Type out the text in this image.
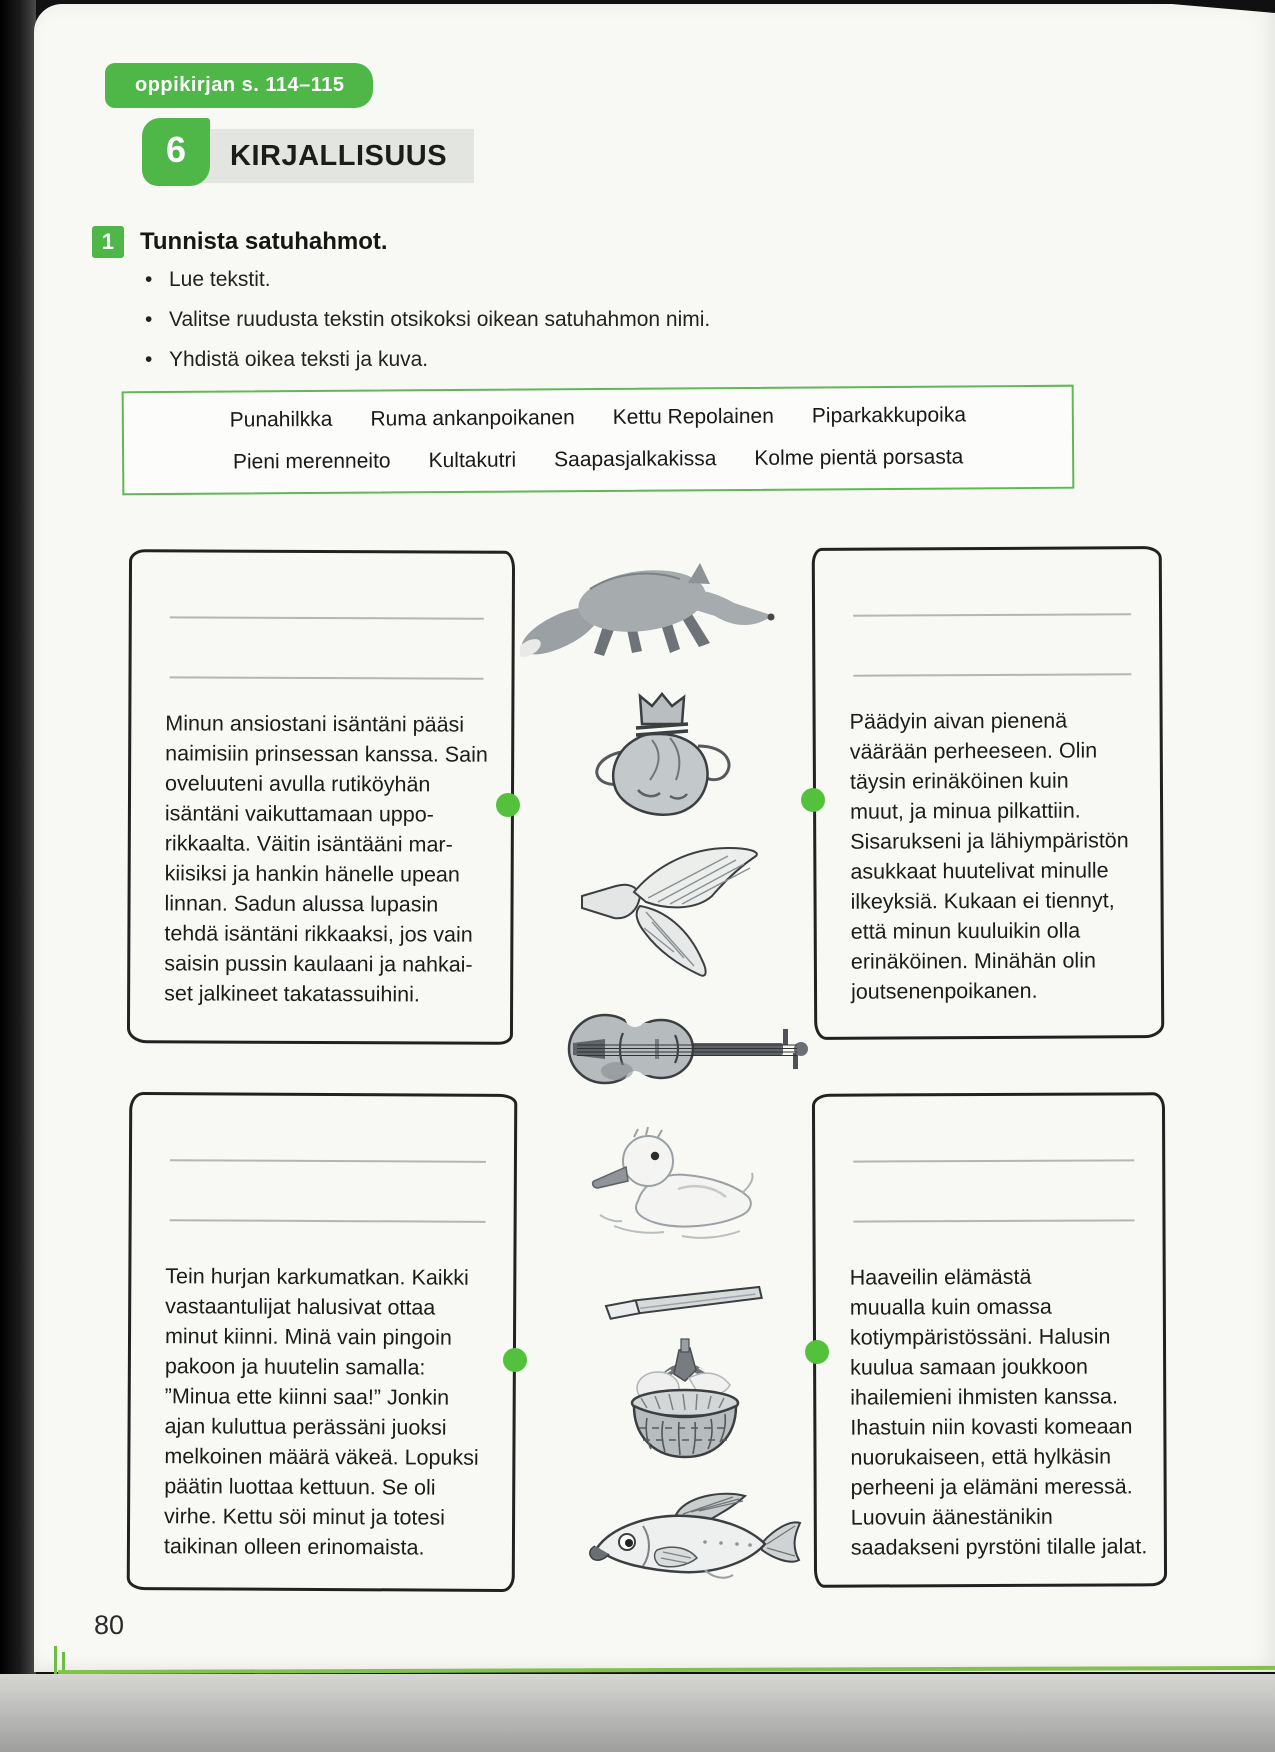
oppikirjan s. 114–115
KIRJALLISUUS
6
1	Tunnista satuhahmot.
• Lue tekstit.
• Valitse ruudusta tekstin otsikoksi oikean satuhahmon nimi.
• Yhdistä oikea teksti ja kuva.
Punahilkka Ruma ankanpoikanen Kettu Repolainen Piparkakkupoika
Pieni merenneito Kultakutri Saapasjalkakissa Kolme pientä porsasta
Minun ansiostani isäntäni pääsi
naimisiin prinsessan kanssa. Sain
oveluuteni avulla rutiköyhän
isäntäni vaikuttamaan uppo-
rikkaalta. Väitin isäntääni mar-
kiisiksi ja hankin hänelle upean
linnan. Sadun alussa lupasin
tehdä isäntäni rikkaaksi, jos vain
saisin pussin kaulaani ja nahkai-
set jalkineet takatassuihini.
Päädyin aivan pienenä
väärään perheeseen. Olin
täysin erinäköinen kuin
muut, ja minua pilkattiin.
Sisarukseni ja lähiympäristön
asukkaat huutelivat minulle
ilkeyksiä. Kukaan ei tiennyt,
että minun kuuluikin olla
erinäköinen. Minähän olin
joutsenenpoikanen.
Tein hurjan karkumatkan. Kaikki
vastaantulijat halusivat ottaa
minut kiinni. Minä vain pingoin
pakoon ja huutelin samalla:
”Minua ette kiinni saa!” Jonkin
ajan kuluttua perässäni juoksi
melkoinen määrä väkeä. Lopuksi
päätin luottaa kettuun. Se oli
virhe. Kettu söi minut ja totesi
taikinan olleen erinomaista.
Haaveilin elämästä
muualla kuin omassa
kotiympäristössäni. Halusin
kuulua samaan joukkoon
ihailemieni ihmisten kanssa.
Ihastuin niin kovasti komeaan
nuorukaiseen, että hylkäsin
perheeni ja elämäni meressä.
Luovuin äänestänikin
saadakseni pyrstöni tilalle jalat.
80
